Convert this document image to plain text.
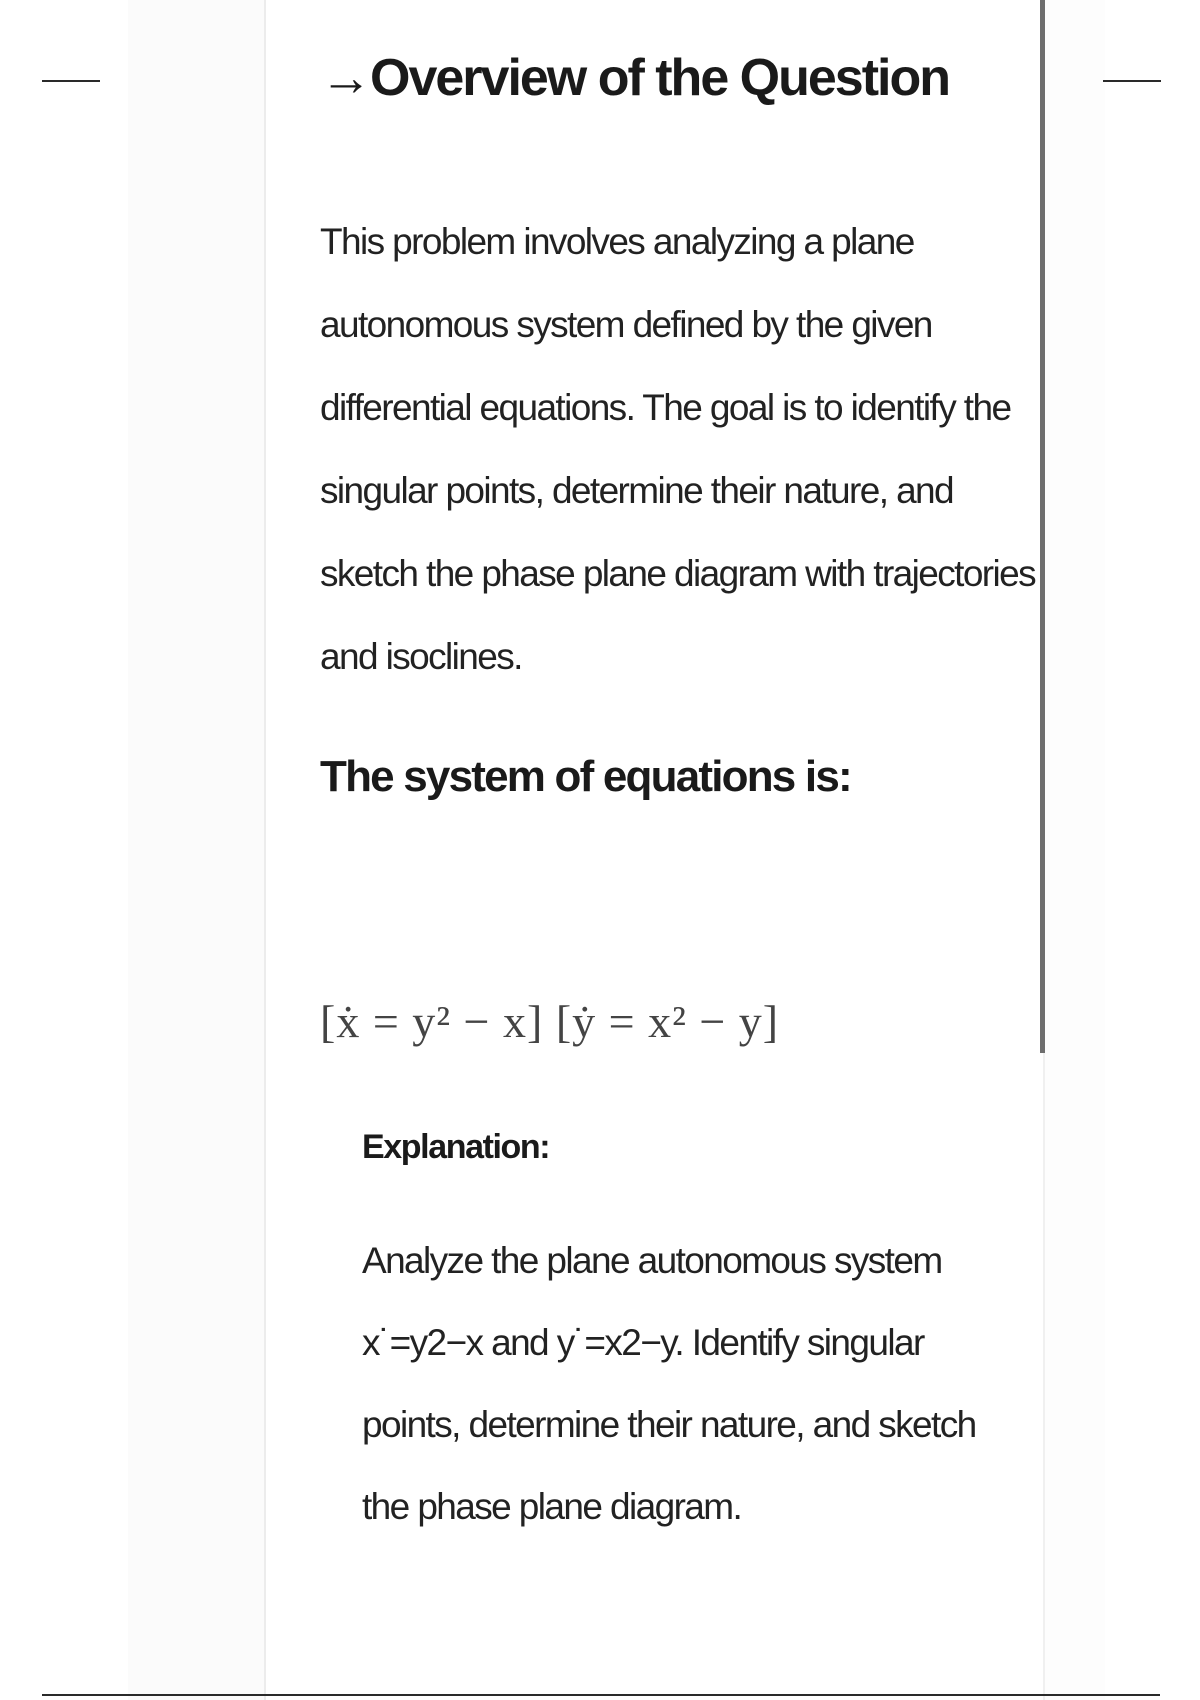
→Overview of the Question

This problem involves analyzing a plane autonomous system defined by the given differential equations. The goal is to identify the singular points, determine their nature, and sketch the phase plane diagram with trajectories and isoclines.

The system of equations is:
[ẋ = y² − x] [ẏ = x² − y]
Explanation:

Analyze the plane autonomous system x˙=y2−x and y˙=x2−y. Identify singular points, determine their nature, and sketch the phase plane diagram.
